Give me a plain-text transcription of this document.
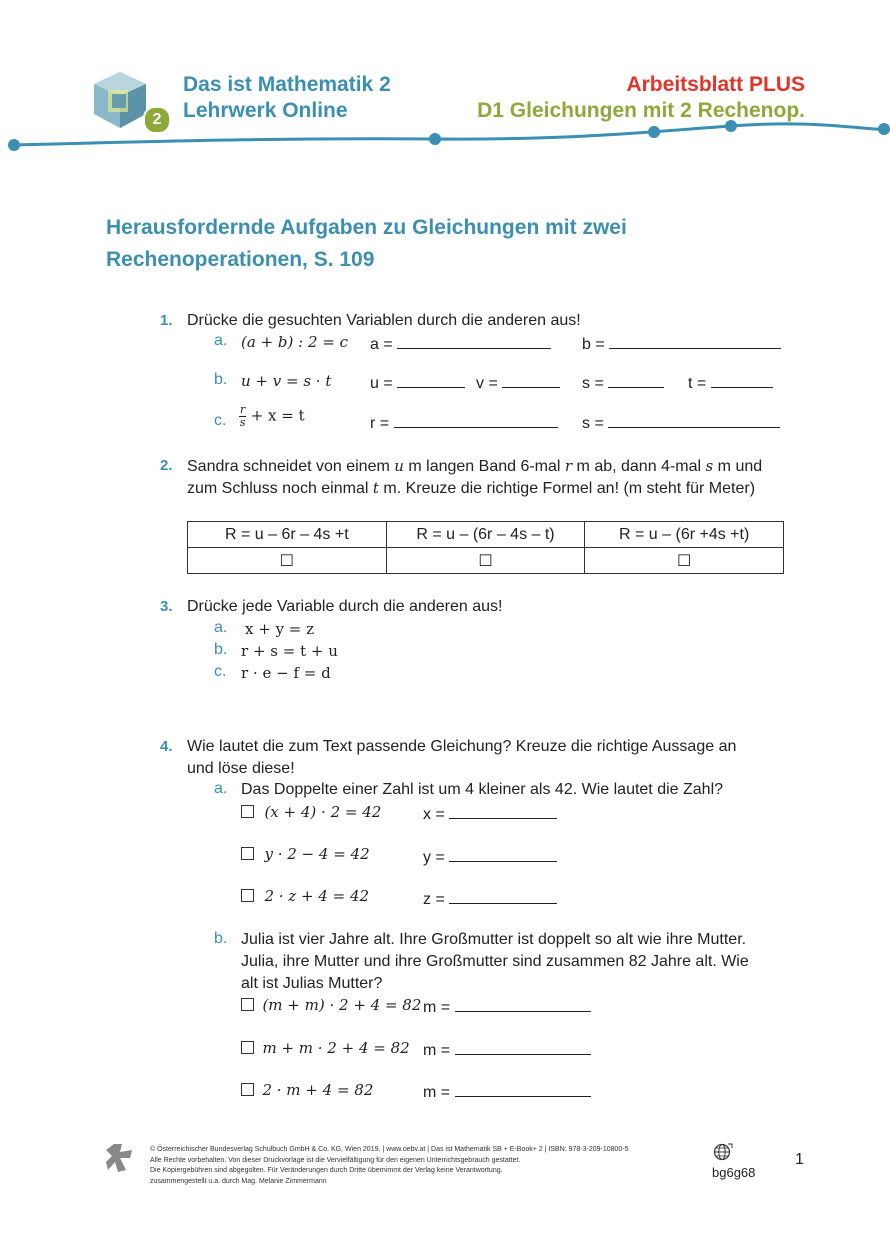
2
Das ist Mathematik 2
Lehrwerk Online
Arbeitsblatt PLUS
D1 Gleichungen mit 2 Rechenop.
Herausfordernde Aufgaben zu Gleichungen mit zwei Rechenoperationen, S. 109
1. Drücke die gesuchten Variablen durch die anderen aus!
a. (a + b) : 2 = c a =	b =
b. u + v = s · t u =	v =	s =	t =
c. $\frac{r}{s} + x = t$	r =	s =
2. Sandra schneidet von einem u m langen Band 6-mal r m ab, dann 4-mal s m und
zum Schluss noch einmal t m. Kreuze die richtige Formel an! (m steht für Meter)
R = u – 6r – 4s +t	R = u – (6r – 4s – t)	R = u – (6r +4s +t)
☐	☐	☐
3. Drücke jede Variable durch die anderen aus!
a. x + y = z
b. r + s = t + u
c. r · e − f = d
4. Wie lautet die zum Text passende Gleichung? Kreuze die richtige Aussage an
und löse diese!
a. Das Doppelte einer Zahl ist um 4 kleiner als 42. Wie lautet die Zahl?
(x + 4) · 2 = 42	x =
y · 2 − 4 = 42	y =
2 · z + 4 = 42	z =
b. Julia ist vier Jahre alt. Ihre Großmutter ist doppelt so alt wie ihre Mutter.
Julia, ihre Mutter und ihre Großmutter sind zusammen 82 Jahre alt. Wie
alt ist Julias Mutter?
(m + m) · 2 + 4 = 82 m =
m + m · 2 + 4 = 82 m =
2 · m + 4 = 82	m =
© Österreichischer Bundesverlag Schulbuch GmbH & Co. KG, Wien 2019. | www.oebv.at | Das ist Mathematik SB + E-Book+ 2 | ISBN: 978-3-209-10800-5
Alle Rechte vorbehalten. Von dieser Druckvorlage ist die Vervielfältigung für den eigenen Unterrichtsgebrauch gestattet.
Die Kopiergebühren sind abgegolten. Für Veränderungen durch Dritte übernimmt der Verlag keine Verantwortung.
zusammengestellt u.a. durch Mag. Melanie Zimmermann
bg6g68
1
